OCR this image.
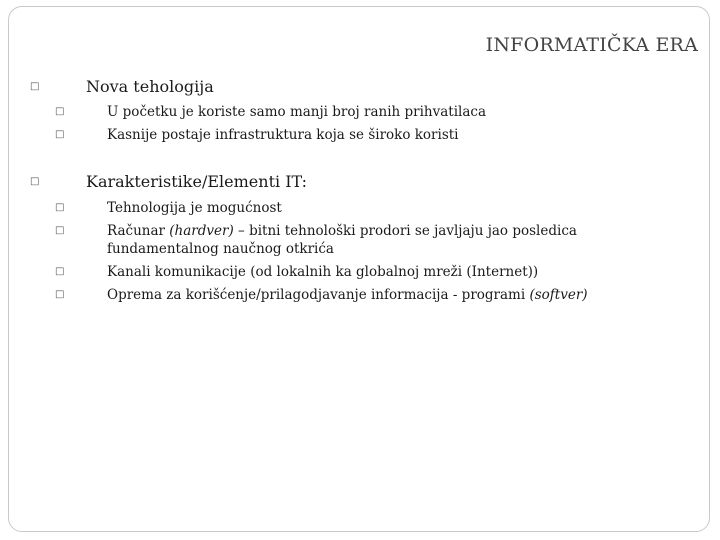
INFORMATIČKA ERA
□	Nova tehologija
□	U početku je koriste samo manji broj ranih prihvatilaca
□	Kasnije postaje infrastruktura koja se široko koristi
□	Karakteristike/Elementi IT:
□	Tehnologija je mogućnost
□	Računar (hardver) – bitni tehnološki prodori se javljaju jao posledica fundamentalnog naučnog otkrića
□	Kanali komunikacije (od lokalnih ka globalnoj mreži (Internet))
□	Oprema za korišćenje/prilagodjavanje informacija - programi (softver)
